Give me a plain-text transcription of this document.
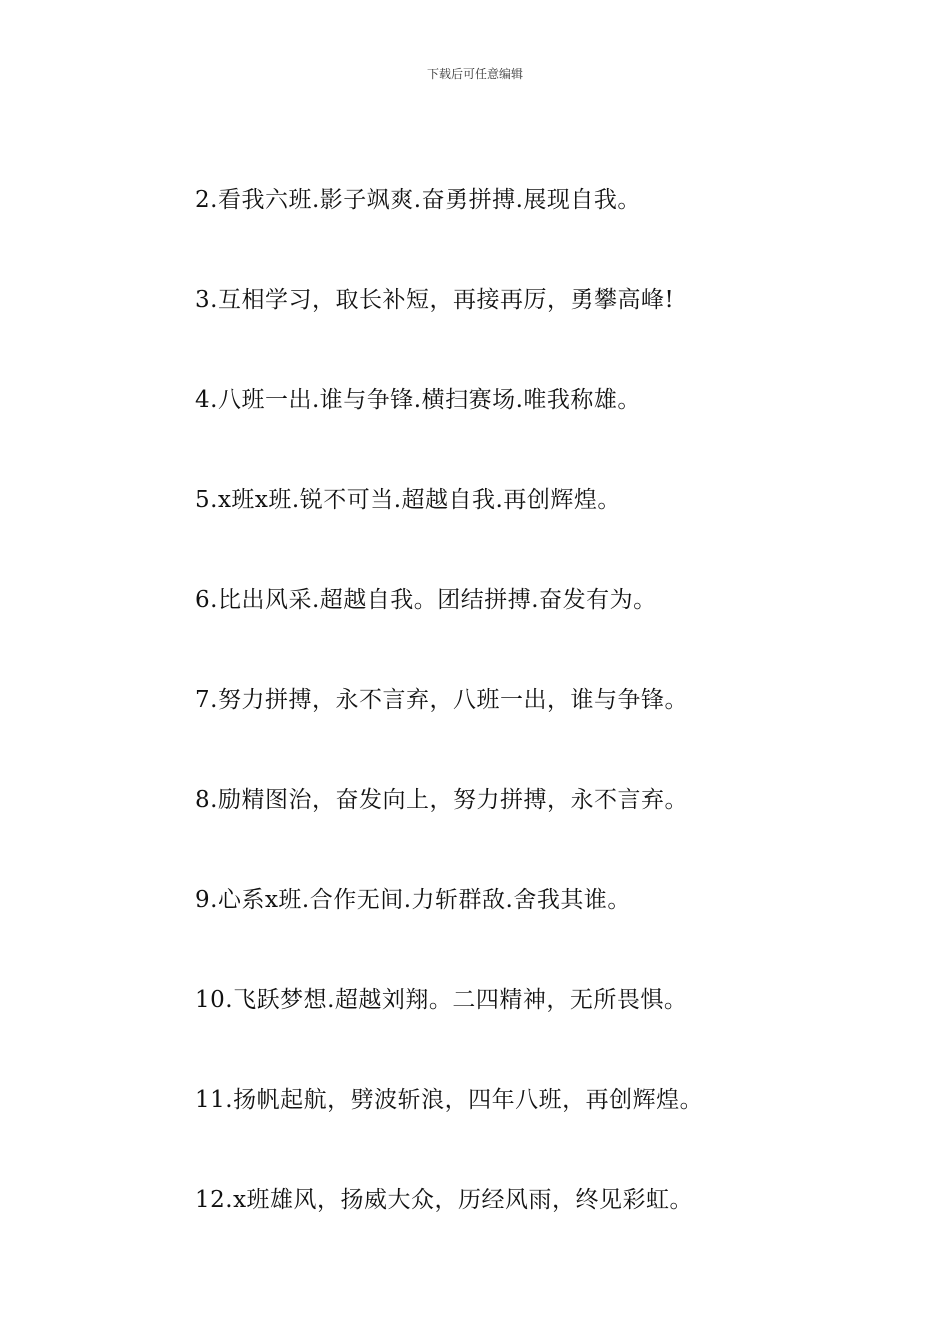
下载后可任意编辑
2.看我六班.影子飒爽.奋勇拼搏.展现自我。
3.互相学习，取长补短，再接再厉，勇攀高峰!
4.八班一出.谁与争锋.横扫赛场.唯我称雄。
5.x班x班.锐不可当.超越自我.再创辉煌。
6.比出风采.超越自我。团结拼搏.奋发有为。
7.努力拼搏，永不言弃，八班一出，谁与争锋。
8.励精图治，奋发向上，努力拼搏，永不言弃。
9.心系x班.合作无间.力斩群敌.舍我其谁。
10.飞跃梦想.超越刘翔。二四精神，无所畏惧。
11.扬帆起航，劈波斩浪，四年八班，再创辉煌。
12.x班雄风，扬威大众，历经风雨，终见彩虹。
